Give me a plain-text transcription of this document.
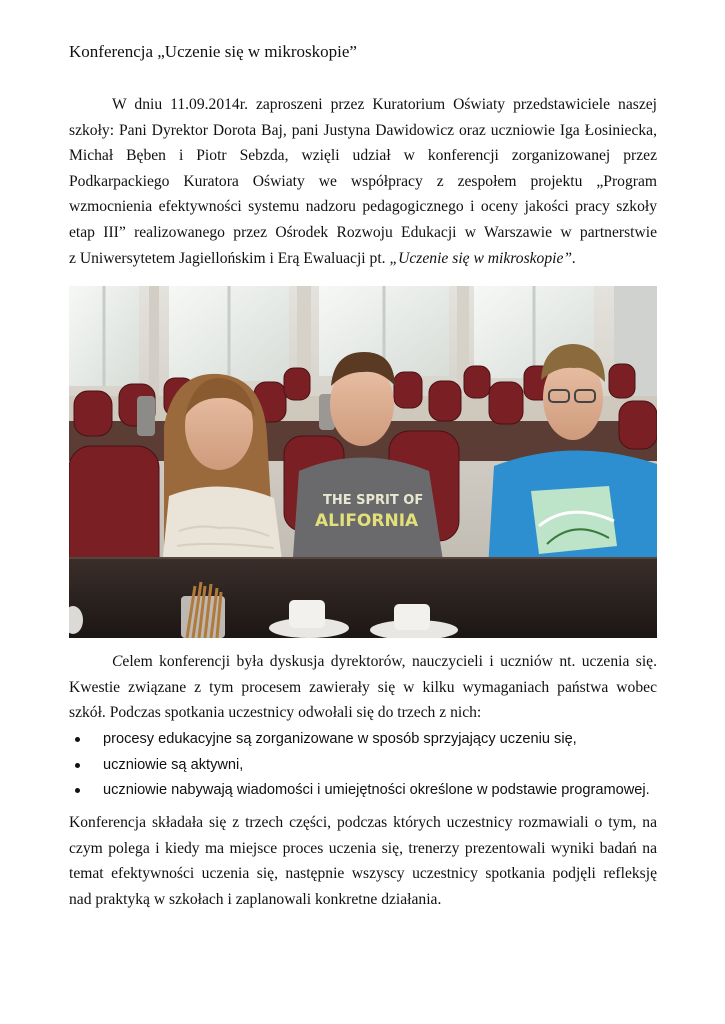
Konferencja „Uczenie się w mikroskopie”
W dniu 11.09.2014r. zaproszeni przez Kuratorium Oświaty przedstawiciele naszej
szkoły: Pani Dyrektor Dorota Baj, pani Justyna Dawidowicz oraz uczniowie Iga Łosiniecka,
Michał Bęben i Piotr Sebzda, wzięli udział w konferencji zorganizowanej przez
Podkarpackiego Kuratora Oświaty we współpracy z zespołem projektu „Program
wzmocnienia efektywności systemu nadzoru pedagogicznego i oceny jakości pracy szkoły
etap III” realizowanego przez Ośrodek Rozwoju Edukacji w Warszawie w partnerstwie
z Uniwersytetem Jagiellońskim i Erą Ewaluacji pt. „Uczenie się w mikroskopie”.
THE SPRIT OF
ALIFORNIA
Celem konferencji była dyskusja dyrektorów, nauczycieli i uczniów nt. uczenia się.
Kwestie związane z tym procesem zawierały się w kilku wymaganiach państwa wobec
szkół. Podczas spotkania uczestnicy odwołali się do trzech z nich:
procesy edukacyjne są zorganizowane w sposób sprzyjający uczeniu się,
uczniowie są aktywni,
uczniowie nabywają wiadomości i umiejętności określone w podstawie programowej.
Konferencja składała się z trzech części, podczas których uczestnicy rozmawiali o tym, na
czym polega i kiedy ma miejsce proces uczenia się, trenerzy prezentowali wyniki badań na
temat efektywności uczenia się, następnie wszyscy uczestnicy spotkania podjęli refleksję
nad praktyką w szkołach i zaplanowali konkretne działania.
